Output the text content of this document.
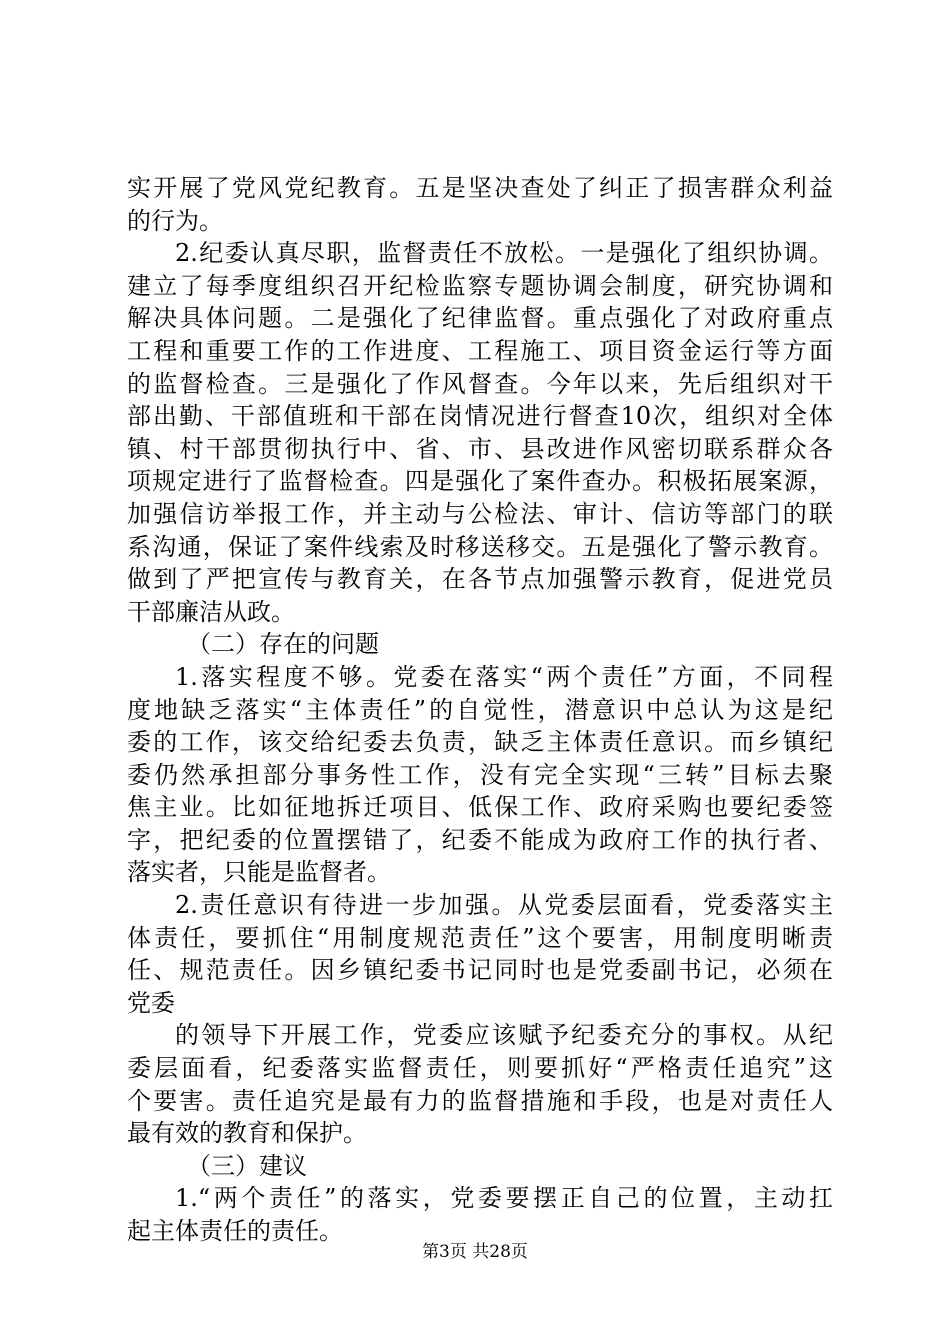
实开展了党风党纪教育。五是坚决查处了纠正了损害群众利益
的行为。
2.纪委认真尽职，监督责任不放松。一是强化了组织协调。
建立了每季度组织召开纪检监察专题协调会制度，研究协调和
解决具体问题。二是强化了纪律监督。重点强化了对政府重点
工程和重要工作的工作进度、工程施工、项目资金运行等方面
的监督检查。三是强化了作风督查。今年以来，先后组织对干
部出勤、干部值班和干部在岗情况进行督查10次，组织对全体
镇、村干部贯彻执行中、省、市、县改进作风密切联系群众各
项规定进行了监督检查。四是强化了案件查办。积极拓展案源，
加强信访举报工作，并主动与公检法、审计、信访等部门的联
系沟通，保证了案件线索及时移送移交。五是强化了警示教育。
做到了严把宣传与教育关，在各节点加强警示教育，促进党员
干部廉洁从政。
（二）存在的问题
1.落实程度不够。党委在落实“两个责任”方面，不同程
度地缺乏落实“主体责任”的自觉性，潜意识中总认为这是纪
委的工作，该交给纪委去负责，缺乏主体责任意识。而乡镇纪
委仍然承担部分事务性工作，没有完全实现“三转”目标去聚
焦主业。比如征地拆迁项目、低保工作、政府采购也要纪委签
字，把纪委的位置摆错了，纪委不能成为政府工作的执行者、
落实者，只能是监督者。
2.责任意识有待进一步加强。从党委层面看，党委落实主
体责任，要抓住“用制度规范责任”这个要害，用制度明晰责
任、规范责任。因乡镇纪委书记同时也是党委副书记，必须在
党委
的领导下开展工作，党委应该赋予纪委充分的事权。从纪
委层面看，纪委落实监督责任，则要抓好“严格责任追究”这
个要害。责任追究是最有力的监督措施和手段，也是对责任人
最有效的教育和保护。
（三）建议
1.“两个责任”的落实，党委要摆正自己的位置，主动扛
起主体责任的责任。
第3页 共28页
